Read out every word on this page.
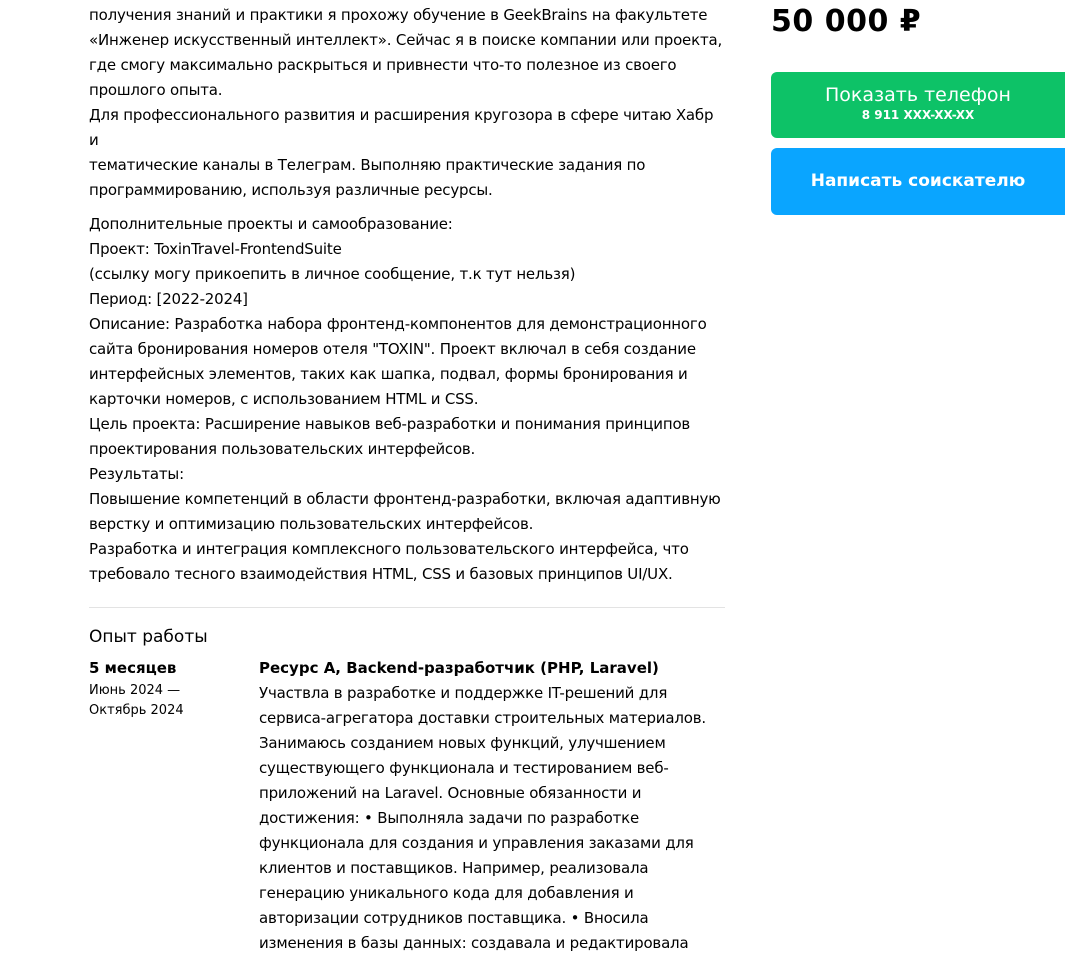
получения знаний и практики я прохожу обучение в GeekBrains на факультете

«Инженер искусственный интеллект». Сейчас я в поиске компании или проекта,

где смогу максимально раскрыться и привнести что-то полезное из своего

прошлого опыта.

Для профессионального развития и расширения кругозора в сфере читаю Хабр и

тематические каналы в Телеграм. Выполняю практические задания по

программированию, используя различные ресурсы.

Дополнительные проекты и самообразование:

Проект: ToxinTravel-FrontendSuite

(ссылку могу прикоепить в личное сообщение, т.к тут нельзя)

Период: [2022-2024]

Описание: Разработка набора фронтенд-компонентов для демонстрационного

сайта бронирования номеров отеля "TOXIN". Проект включал в себя создание

интерфейсных элементов, таких как шапка, подвал, формы бронирования и

карточки номеров, с использованием HTML и CSS.

Цель проекта: Расширение навыков веб-разработки и понимания принципов

проектирования пользовательских интерфейсов.

Результаты:

Повышение компетенций в области фронтенд-разработки, включая адаптивную

верстку и оптимизацию пользовательских интерфейсов.

Разработка и интеграция комплексного пользовательского интерфейса, что

требовало тесного взаимодействия HTML, CSS и базовых принципов UI/UX.

Опыт работы

5 месяцев

Июнь 2024 —

Октябрь 2024

Ресурс А, Backend-разработчик (PHP, Laravel)

Участвла в разработке и поддержке IT-решений для

сервиса-агрегатора доставки строительных материалов.

Занимаюсь созданием новых функций, улучшением

существующего функционала и тестированием веб-

приложений на Laravel. Основные обязанности и

достижения: • Выполняла задачи по разработке

функционала для создания и управления заказами для

клиентов и поставщиков. Например, реализовала

генерацию уникального кода для добавления и

авторизации сотрудников поставщика. • Вносила

изменения в базы данных: создавала и редактировала

50 000 ₽

Показать телефон
8 911 XXX-XX-XX
Написать соискателю
